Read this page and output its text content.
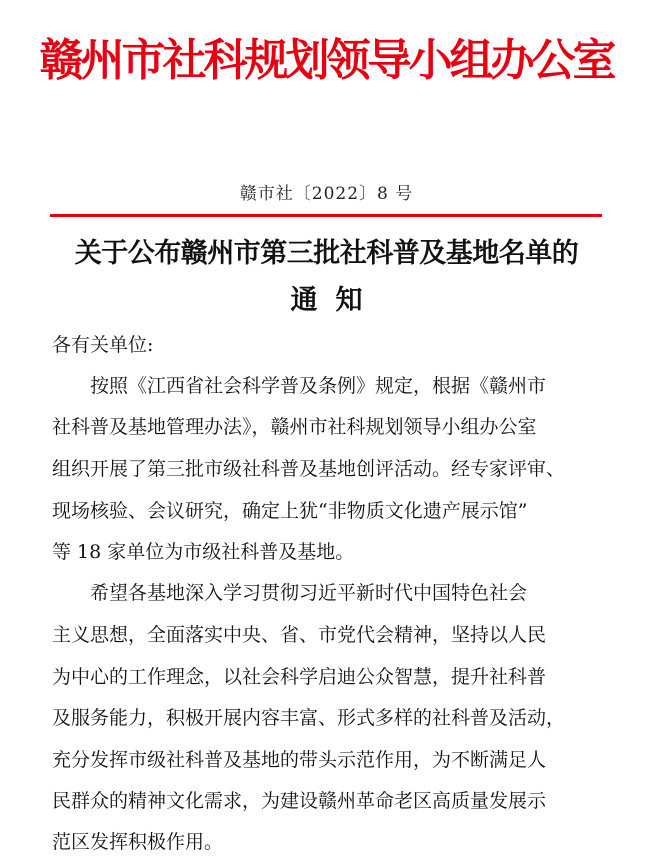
赣州市社科规划领导小组办公室
赣市社〔2022〕8 号
关于公布赣州市第三批社科普及基地名单的
通知
各有关单位:
按照《江西省社会科学普及条例》规定，根据《赣州市
社科普及基地管理办法》，赣州市社科规划领导小组办公室
组织开展了第三批市级社科普及基地创评活动。经专家评审、
现场核验、会议研究，确定上犹“非物质文化遗产展示馆”
等 18 家单位为市级社科普及基地。
希望各基地深入学习贯彻习近平新时代中国特色社会
主义思想，全面落实中央、省、市党代会精神，坚持以人民
为中心的工作理念，以社会科学启迪公众智慧，提升社科普
及服务能力，积极开展内容丰富、形式多样的社科普及活动，
充分发挥市级社科普及基地的带头示范作用，为不断满足人
民群众的精神文化需求，为建设赣州革命老区高质量发展示
范区发挥积极作用。
